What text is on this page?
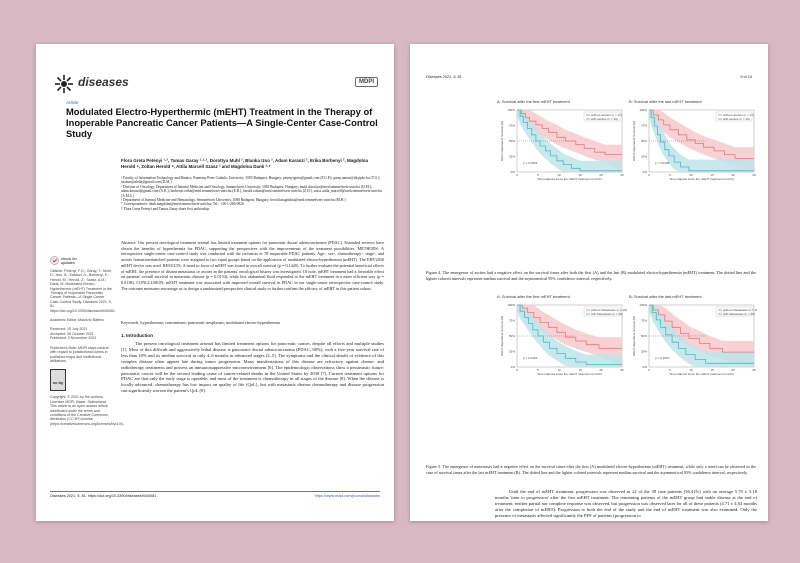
diseases	MDPI
Article
Modulated Electro-Hyperthermic (mEHT) Treatment in the Therapy of Inoperable Pancreatic Cancer Patients—A Single-Center Case-Control Study
Flora Greta Petenyi ¹·², Tamas Garay ¹·²·³, Dorottya Muhl ², Blanka Izso ², Adam Karaszi ², Erika Borbenyi ², Magdolna Herold ⁴, Zoltan Herold ⁴, Attila Marcell Szasz ² and Magdolna Dank ²·*
¹ Faculty of Information Technology and Bionics, Pazmany Peter Catholic University, 1083 Budapest, Hungary; petenyigreta@gmail.com (F.G.P.); garay.tamas@itk.ppke.hu (T.G.); ozsmet@aleda@gmail.com (D.M.)
² Division of Oncology, Department of Internal Medicine and Oncology, Semmelweis University, 1083 Budapest, Hungary; muhl.dorottya@med.semmelweis-univ.hu (D.M.); adam.karaszi@gmail.com (A.K.); borbenyi.erika@med.semmelweis-univ.hu (E.B.); herold.zoltan@med.semmelweis-univ.hu (Z.H.); szasz.attila_marcell@med.semmelweis-univ.hu (A.M.S.)
³ Department of Internal Medicine and Hematology, Semmelweis University, 1088 Budapest, Hungary; herold.magdolna@med.semmelweis-univ.hu (M.H.)
* Correspondence: dank.magdolna@med.semmelweis-univ.hu; Tel.: +36-1-266-0926
† Flora Greta Petenyi and Tamas Garay share first authorship.
check for updates
Citation: Petenyi, F.G.; Garay, T.; Muhl, D.; Izso, B.; Karaszi, A.; Borbenyi, E.; Herold, M.; Herold, Z.; Szasz, A.M.; Dank, M. Modulated Electro-Hyperthermic (mEHT) Treatment in the Therapy of Inoperable Pancreatic Cancer Patients—A Single-Center Case-Control Study. Diseases 2021, 9, 81. https://doi.org/10.3390/diseases9040081
Academic Editor: Maurizio Battino
Received: 15 July 2021
Accepted: 30 October 2021
Published: 3 November 2021
Publisher's Note: MDPI stays neutral with regard to jurisdictional claims in published maps and institutional affiliations.
cc by
Copyright: © 2021 by the authors. Licensee MDPI, Basel, Switzerland. This article is an open access article distributed under the terms and conditions of the Creative Commons Attribution (CC BY) license (https://creativecommons.org/licenses/by/4.0/).
Abstract: Our present oncological treatment arsenal has limited treatment options for pancreatic ductal adenocarcinoma (PDAC). Extended reviews have shown the benefits of hyperthermia for PDAC, supporting the perspectives with the improvements of the treatment possibilities. METHODS: A retrospective single-center case-control study was conducted with the inclusion of 78 inoperable PDAC patients. Age-, sex-, chemotherapy-, stage-, and ascites formation-matched patients were assigned to two equal groups based on the application of modulated electro-hyperthermia (mEHT). The EHV2030 mEHT device was used. RESULTS: A trend in favor of mEHT was found in overall survival (p = 0.1420). To further evaluate the potential beneficial effects of mEHT, the presence of distant metastasis or ascites in the patients' oncological history was investigated. Of note, mEHT treatment had a favorable effect on patients' overall survival in metastatic disease (p = 0.0154), while less abdominal fluid responded to the mEHT treatment in a more efficient way (p = 0.0138). CONCLUSION: mEHT treatment was associated with improved overall survival in PDAC in our single-center retrospective case-control study. The outcome measures encourage us to design a randomized prospective clinical study to further confirm the efficacy of mEHT in this patient cohort.
Keywords: hyperthermia; concomitant; pancreatic neoplasms; modulated electro-hyperthermia
1. Introduction
The present oncological treatment arsenal has limited treatment options for pancreatic cancer, despite all efforts and multiple studies [1]. Most of this difficult and aggressively lethal disease is pancreatic ductal adenocarcinoma (PDAC, 90%), with a five-year survival rate of less than 10% and its median survival in only 4–6 months in advanced stages [2–5]. The symptoms and the clinical details of evidence of this complex disease often appear late during tumor progression. Many manifestations of this disease are refractory against chemo- and radiotherapy treatments and possess an immunosuppressive microenvironment [6]. The epidemiologic observations show a pessimistic future: pancreatic cancer will be the second leading cause of cancer-related deaths in the United States by 2030 [7]. Current treatment options for PDAC are that only the early stage is operable, and most of the treatment is chemotherapy in all stages of the disease [8]. When the disease is locally advanced, chemotherapy has low impact on quality of life (QoL), but with metastatic disease chemotherapy and disease progression can significantly worsen the patient's QoL [9].
Diseases 2021, 9, 81. https://doi.org/10.3390/diseases9040081	https://www.mdpi.com/journal/diseases
Diseases 2021, 9, 81	9 of 14
A: Survival after the first mEHT treatment
100%
75%
50%
25%
0%
0	5	10	15	20	25
mEHT-dependent Survival (%)
Time elapsed since the mEHT treatment (month)
without ascites (n = 17)
with ascites (n = 19)
p = 0.0063
B: Survival after the last mEHT treatment
100%
75%
50%
25%
0%
0	5	10	15	20	25
mEHT-dependent Survival (%)
Time elapsed since the mEHT treatment (month)
without ascites (n = 17)
with ascites (n = 19)
p = 0.0138
Figure 4. The emergence of ascites had a negative effect on the survival times after both the first (A) and the last (B) modulated electro-hyperthermia (mEHT) treatment. The dotted line and the lighter colored intervals represent median survival and the asymmetrical 95% confidence interval, respectively.
A: Survival after the first mEHT treatment
100%
75%
50%
25%
0%
0	5	10	15	20	25
mEHT-dependent Survival (%)
Time elapsed since the mEHT treatment (month)
without Metastasis (n = 18)
with Metastasis (n = 20)
p = 0.0154
B: Survival after the last mEHT treatment
100%
75%
50%
25%
0%
0	5	10	15	20	25
mEHT-dependent Survival (%)
Time elapsed since the mEHT treatment (month)
without Metastasis (n = 18)
with Metastasis (n = 20)
p = 0.1610
Figure 5. The emergence of metastases had a negative effect on the survival times after the first (A) modulated electro-hyperthermia (mEHT) treatment, while only a trend can be observed in the case of survival times after the last mEHT treatment (B). The dotted line and the lighter colored intervals represent median survival and the asymmetrical 95% confidence interval, respectively.
Until the end of mEHT treatment, progression was observed in 22 of the 39 case patients (56.41%) with an average 5.70 ± 5.18 months 'time to progression' after the first mEHT treatment. The remaining patients of the mEHT group had stable disease at the end of treatment; neither partial nor complete response was observed, but progression was observed later for all of these patients (4.71 ± 4.63 months after the completion of mEHT). Progression to both the end of the study and the end of mEHT treatment was also examined. Only the presence of metastasis affected significantly the PFS of patients (progression to
